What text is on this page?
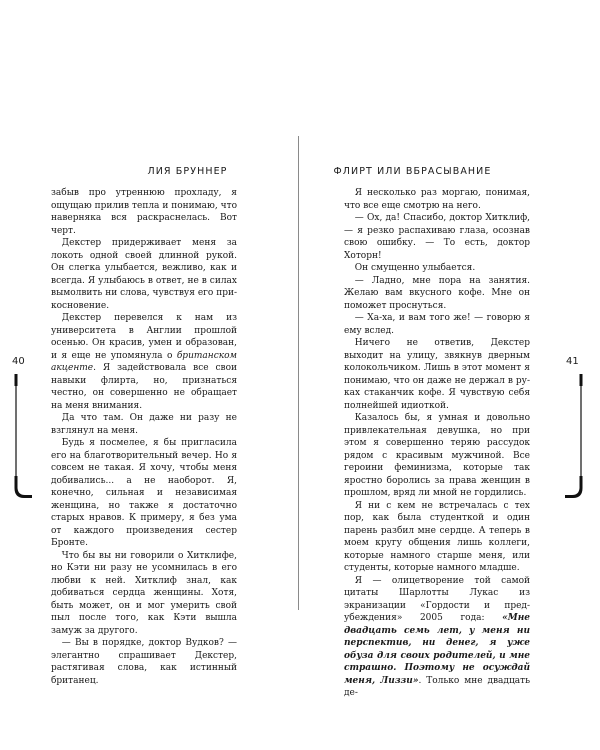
ЛИЯ БРУННЕР	ФЛИРТ ИЛИ ВБРАСЫВАНИЕ
40	41

забыв про утреннюю прохладу, я ощущаю прилив тепла и понимаю, что наверняка вся раскраснелась. Вот черт.

Декстер придерживает меня за локоть одной своей длинной рукой. Он слегка улыбается, вежливо, как и всегда. Я улыбаюсь в ответ, не в силах вымолвить ни слова, чувствуя его прикосновение.

Декстер перевелся к нам из университета в Англии прошлой осенью. Он красив, умен и образован, и я еще не упомянула о британском акценте. Я задействовала все свои навыки флирта, но, признаться честно, он совершенно не обращает на меня внимания.

Да что там. Он даже ни разу не взглянул на меня.

Будь я посмелее, я бы пригласила его на благотворительный вечер. Но я совсем не такая. Я хочу, чтобы меня добивались... а не наоборот. Я, конечно, сильная и независимая женщина, но также я достаточно старых нравов. К примеру, я без ума от каждого произведения сестер Бронте.

Что бы вы ни говорили о Хитклифе, но Кэти ни разу не усомнилась в его любви к ней. Хитклиф знал, как добиваться сердца женщины. Хотя, быть может, он и мог умерить свой пыл после того, как Кэти вышла замуж за другого.

— Вы в порядке, доктор Вудков? — элегантно спрашивает Декстер, растягивая слова, как истинный британец.

Я несколько раз моргаю, понимая, что все еще смотрю на него.

— Ох, да! Спасибо, доктор Хитклиф, — я резко распахиваю глаза, осознав свою ошибку. — То есть, доктор Хоторн!

Он смущенно улыбается.

— Ладно, мне пора на занятия. Желаю вам вкусного кофе. Мне он поможет проснуться.

— Ха-ха, и вам того же! — говорю я ему вслед.

Ничего не ответив, Декстер выходит на улицу, звякнув дверным колокольчиком. Лишь в этот момент я понимаю, что он даже не держал в руках стаканчик кофе. Я чувствую себя полнейшей идиоткой.

Казалось бы, я умная и довольно привлекательная девушка, но при этом я совершенно теряю рассудок рядом с красивым мужчиной. Все героини феминизма, которые так яростно боролись за права женщин в прошлом, вряд ли мной не гордились.

Я ни с кем не встречалась с тех пор, как была студенткой и один парень разбил мне сердце. А теперь в моем кругу общения лишь коллеги, которые намного старше меня, или студенты, которые намного младше.

Я — олицетворение той самой цитаты Шарлотты Лукас из экранизации «Гордости и предубеждения» 2005 года: «Мне двадцать семь лет, у меня ни перспектив, ни денег, я уже обуза для своих родителей, и мне страшно. Поэтому не осуждай меня, Лиззи». Только мне двадцать де-
